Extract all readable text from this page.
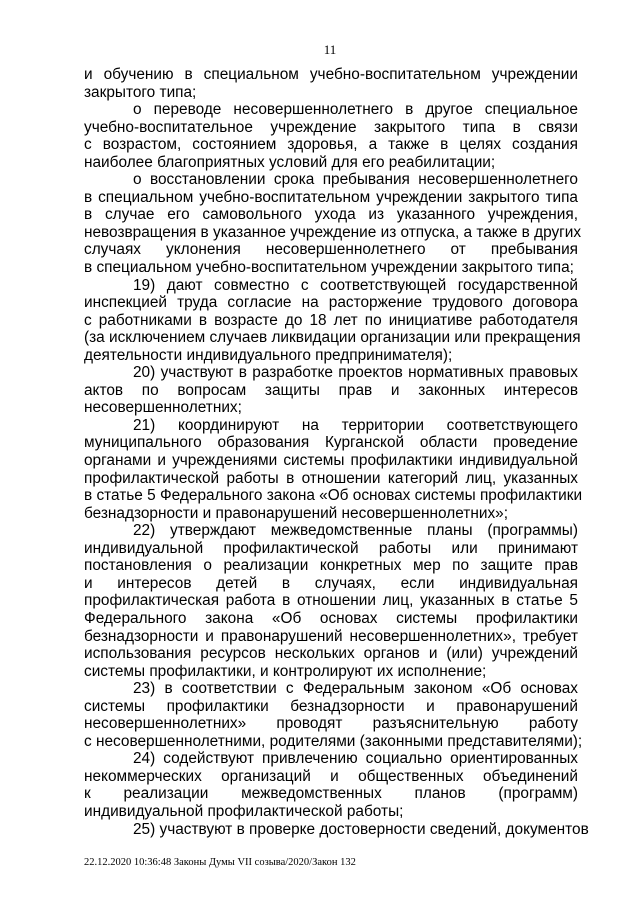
11
и обучению в специальном учебно-воспитательном учреждении
закрытого типа;
о переводе несовершеннолетнего в другое специальное
учебно-воспитательное учреждение закрытого типа в связи
с возрастом, состоянием здоровья, а также в целях создания
наиболее благоприятных условий для его реабилитации;
о восстановлении срока пребывания несовершеннолетнего
в специальном учебно-воспитательном учреждении закрытого типа
в случае его самовольного ухода из указанного учреждения,
невозвращения в указанное учреждение из отпуска, а также в других
случаях уклонения несовершеннолетнего от пребывания
в специальном учебно-воспитательном учреждении закрытого типа;
19) дают совместно с соответствующей государственной
инспекцией труда согласие на расторжение трудового договора
с работниками в возрасте до 18 лет по инициативе работодателя
(за исключением случаев ликвидации организации или прекращения
деятельности индивидуального предпринимателя);
20) участвуют в разработке проектов нормативных правовых
актов по вопросам защиты прав и законных интересов
несовершеннолетних;
21) координируют на территории соответствующего
муниципального образования Курганской области проведение
органами и учреждениями системы профилактики индивидуальной
профилактической работы в отношении категорий лиц, указанных
в статье 5 Федерального закона «Об основах системы профилактики
безнадзорности и правонарушений несовершеннолетних»;
22) утверждают межведомственные планы (программы)
индивидуальной профилактической работы или принимают
постановления о реализации конкретных мер по защите прав
и интересов детей в случаях, если индивидуальная
профилактическая работа в отношении лиц, указанных в статье 5
Федерального закона «Об основах системы профилактики
безнадзорности и правонарушений несовершеннолетних», требует
использования ресурсов нескольких органов и (или) учреждений
системы профилактики, и контролируют их исполнение;
23) в соответствии с Федеральным законом «Об основах
системы профилактики безнадзорности и правонарушений
несовершеннолетних» проводят разъяснительную работу
с несовершеннолетними, родителями (законными представителями);
24) содействуют привлечению социально ориентированных
некоммерческих организаций и общественных объединений
к реализации межведомственных планов (программ)
индивидуальной профилактической работы;
25) участвуют в проверке достоверности сведений, документов
22.12.2020 10:36:48 Законы Думы VII созыва/2020/Закон 132
